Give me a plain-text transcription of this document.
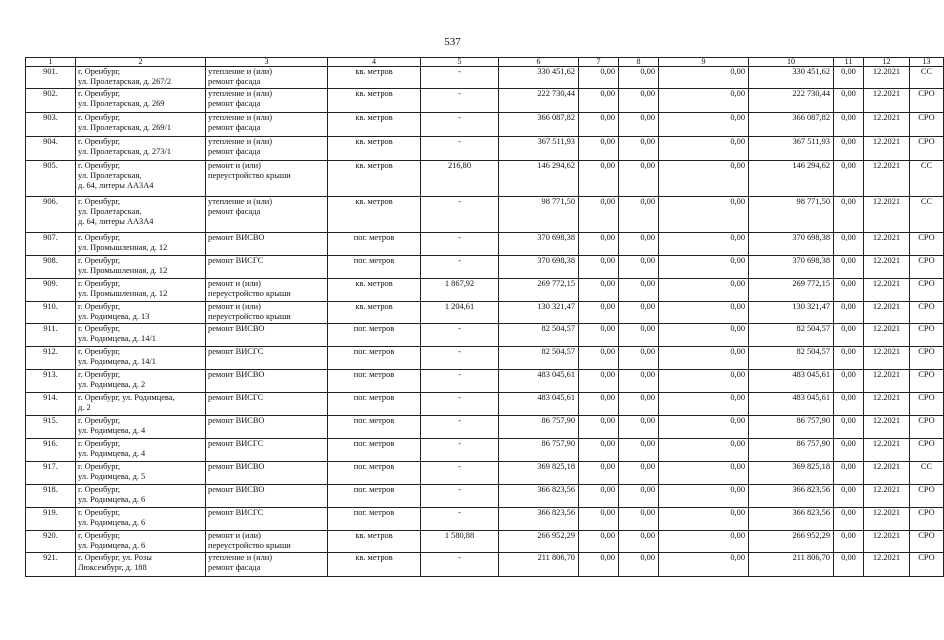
537
1	2	3	4	5	6	7	8	9	10	11	12	13
901.	г. Оренбург,
ул. Пролетарская, д. 267/2	утепление и (или)
ремонт фасада	кв. метров	-	330 451,62	0,00	0,00	0,00	330 451,62	0,00	12.2021	СС
902.	г. Оренбург,
ул. Пролетарская, д. 269	утепление и (или)
ремонт фасада	кв. метров	-	222 730,44	0,00	0,00	0,00	222 730,44	0,00	12.2021	СРО
903.	г. Оренбург,
ул. Пролетарская, д. 269/1	утепление и (или)
ремонт фасада	кв. метров	-	366 087,82	0,00	0,00	0,00	366 087,82	0,00	12.2021	СРО
904.	г. Оренбург,
ул. Пролетарская, д. 273/1	утепление и (или)
ремонт фасада	кв. метров	-	367 511,93	0,00	0,00	0,00	367 511,93	0,00	12.2021	СРО
905.	г. Оренбург,
ул. Пролетарская,
д. 64, литеры АА3А4	ремонт и (или)
переустройство крыши	кв. метров	216,80	146 294,62	0,00	0,00	0,00	146 294,62	0,00	12.2021	СС
906.	г. Оренбург,
ул. Пролетарская,
д. 64, литеры АА3А4	утепление и (или)
ремонт фасада	кв. метров	-	98 771,50	0,00	0,00	0,00	98 771,50	0,00	12.2021	СС
907.	г. Оренбург,
ул. Промышленная, д. 12	ремонт ВИСВО	пог. метров	-	370 698,38	0,00	0,00	0,00	370 698,38	0,00	12.2021	СРО
908.	г. Оренбург,
ул. Промышленная, д. 12	ремонт ВИСГС	пог. метров	-	370 698,38	0,00	0,00	0,00	370 698,38	0,00	12.2021	СРО
909.	г. Оренбург,
ул. Промышленная, д. 12	ремонт и (или)
переустройство крыши	кв. метров	1 867,92	269 772,15	0,00	0,00	0,00	269 772,15	0,00	12.2021	СРО
910.	г. Оренбург,
ул. Родимцева, д. 13	ремонт и (или)
переустройство крыши	кв. метров	1 204,61	130 321,47	0,00	0,00	0,00	130 321,47	0,00	12.2021	СРО
911.	г. Оренбург,
ул. Родимцева, д. 14/1	ремонт ВИСВО	пог. метров	-	82 504,57	0,00	0,00	0,00	82 504,57	0,00	12.2021	СРО
912.	г. Оренбург,
ул. Родимцева, д. 14/1	ремонт ВИСГС	пог. метров	-	82 504,57	0,00	0,00	0,00	82 504,57	0,00	12.2021	СРО
913.	г. Оренбург,
ул. Родимцева, д. 2	ремонт ВИСВО	пог. метров	-	483 045,61	0,00	0,00	0,00	483 045,61	0,00	12.2021	СРО
914.	г. Оренбург, ул. Родимцева,
д. 2	ремонт ВИСГС	пог. метров	-	483 045,61	0,00	0,00	0,00	483 045,61	0,00	12.2021	СРО
915.	г. Оренбург,
ул. Родимцева, д. 4	ремонт ВИСВО	пог. метров	-	86 757,90	0,00	0,00	0,00	86 757,90	0,00	12.2021	СРО
916.	г. Оренбург,
ул. Родимцева, д. 4	ремонт ВИСГС	пог. метров	-	86 757,90	0,00	0,00	0,00	86 757,90	0,00	12.2021	СРО
917.	г. Оренбург,
ул. Родимцева, д. 5	ремонт ВИСВО	пог. метров	-	369 825,18	0,00	0,00	0,00	369 825,18	0,00	12.2021	СС
918.	г. Оренбург,
ул. Родимцева, д. 6	ремонт ВИСВО	пог. метров	-	366 823,56	0,00	0,00	0,00	366 823,56	0,00	12.2021	СРО
919.	г. Оренбург,
ул. Родимцева, д. 6	ремонт ВИСГС	пог. метров	-	366 823,56	0,00	0,00	0,00	366 823,56	0,00	12.2021	СРО
920.	г. Оренбург,
ул. Родимцева, д. 6	ремонт и (или)
переустройство крыши	кв. метров	1 580,88	266 952,29	0,00	0,00	0,00	266 952,29	0,00	12.2021	СРО
921.	г. Оренбург, ул. Розы
Люксембург, д. 188	утепление и (или)
ремонт фасада	кв. метров	-	211 806,70	0,00	0,00	0,00	211 806,70	0,00	12.2021	СРО
